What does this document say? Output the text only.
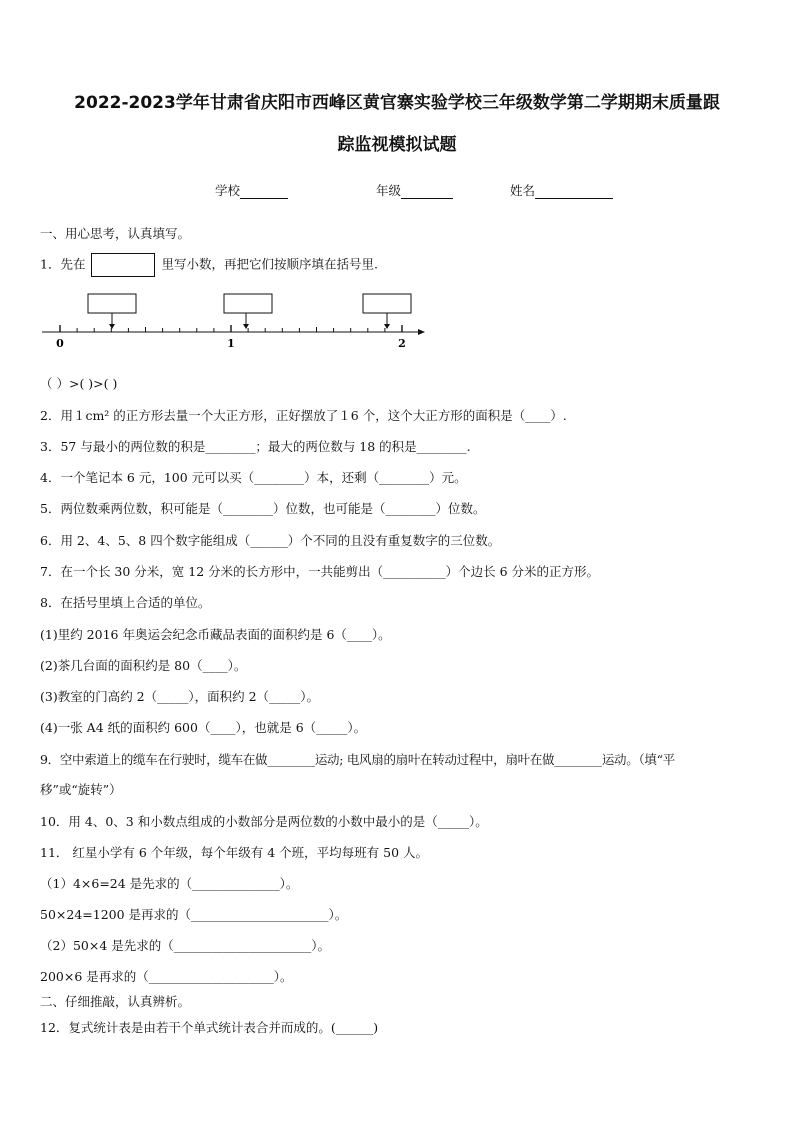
2022-2023学年甘肃省庆阳市西峰区黄官寨实验学校三年级数学第二学期期末质量跟
踪监视模拟试题
学校	年级	姓名
一、用心思考，认真填写。
1．先在	里写小数，再把它们按顺序填在括号里.
0	1	2
（ ）>( )>( )
2．用１cm² 的正方形去量一个大正方形，正好摆放了１6 个，这个大正方形的面积是（____）.
3．57 与最小的两位数的积是________；最大的两位数与 18 的积是________.
4．一个笔记本 6 元，100 元可以买（________）本，还剩（________）元。
5．两位数乘两位数，积可能是（________）位数，也可能是（________）位数。
6．用 2、4、5、8 四个数字能组成（______）个不同的且没有重复数字的三位数。
7．在一个长 30 分米，宽 12 分米的长方形中，一共能剪出（__________）个边长 6 分米的正方形。
8．在括号里填上合适的单位。
(1)里约 2016 年奥运会纪念币藏品表面的面积约是 6（____）。
(2)茶几台面的面积约是 80（____）。
(3)教室的门高约 2（_____），面积约 2（_____）。
(4)一张 A4 纸的面积约 600（____），也就是 6（_____）。
9．空中索道上的缆车在行驶时，缆车在做________运动; 电风扇的扇叶在转动过程中，扇叶在做________运动。（填“平
移”或“旋转”）
10．用 4、0、3 和小数点组成的小数部分是两位数的小数中最小的是（_____）。
11． 红星小学有 6 个年级，每个年级有 4 个班，平均每班有 50 人。
（1）4×6=24 是先求的（______________）。
50×24=1200 是再求的（______________________）。
（2）50×4 是先求的（______________________）。
200×6 是再求的（____________________）。
二、仔细推敲，认真辨析。
12．复式统计表是由若干个单式统计表合并而成的。(______)
